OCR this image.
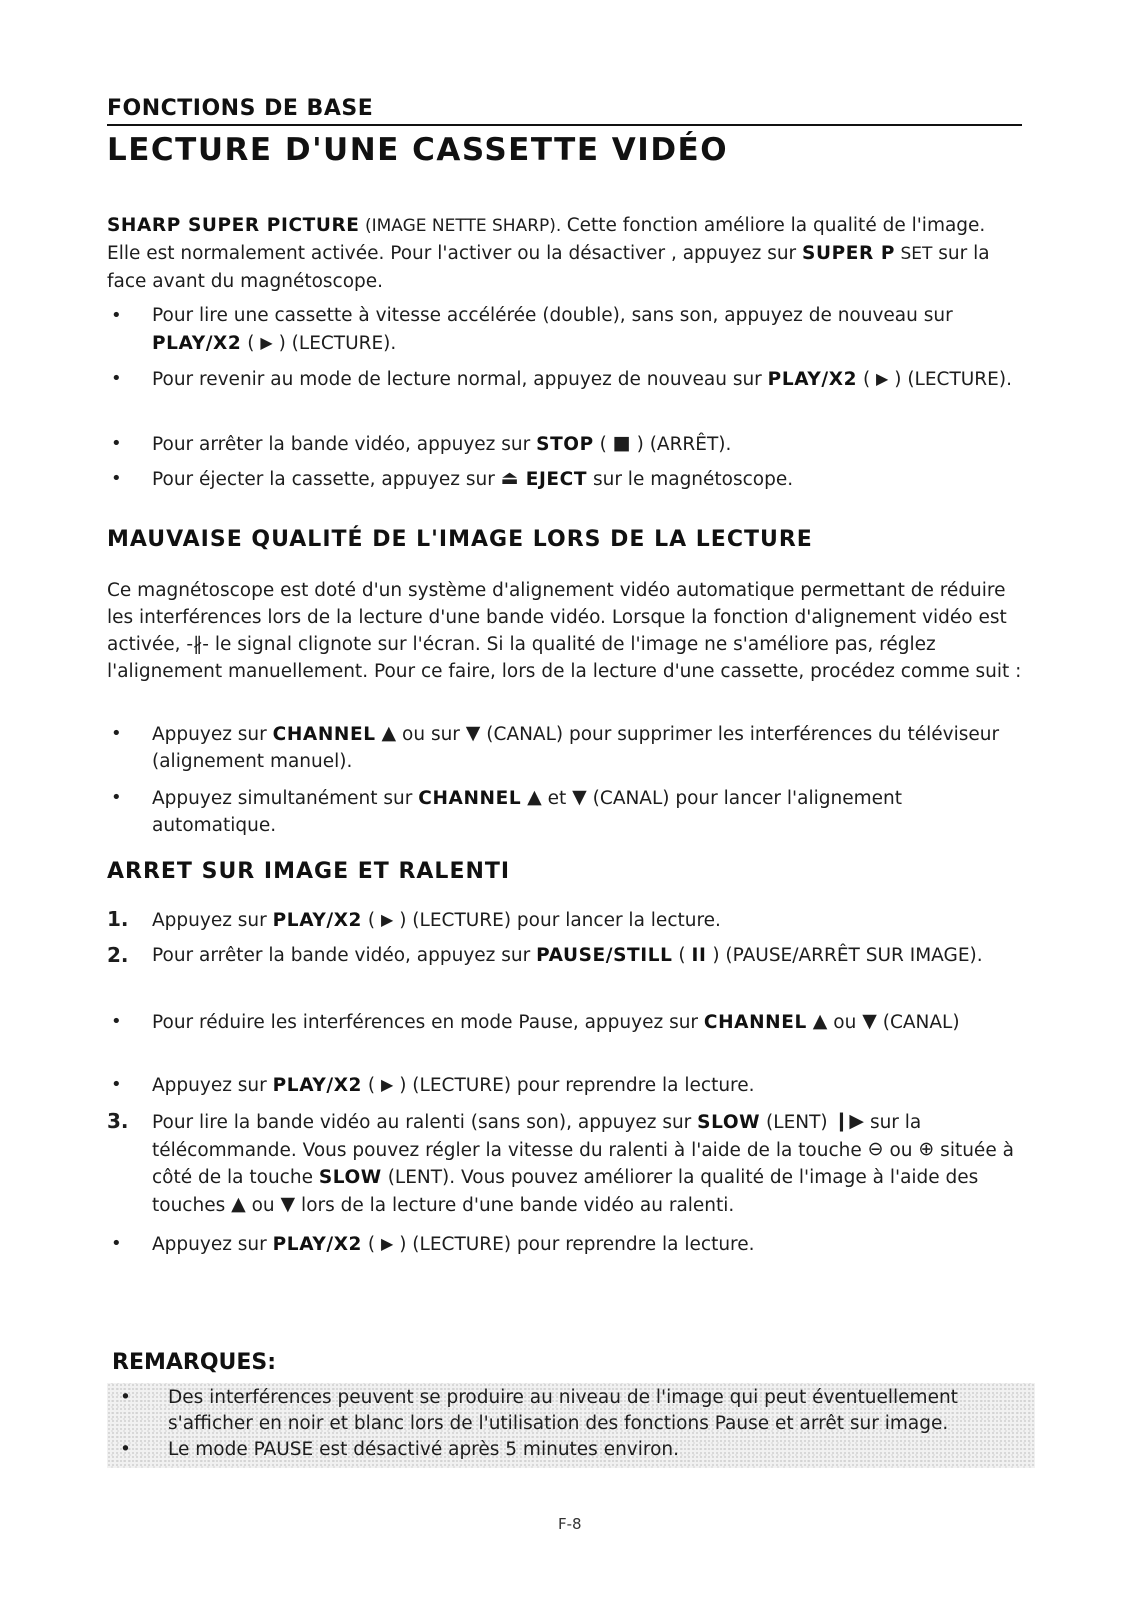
FONCTIONS DE BASE
LECTURE D'UNE CASSETTE VIDÉO
SHARP SUPER PICTURE (IMAGE NETTE SHARP). Cette fonction améliore la qualité de l'image. Elle est normalement activée. Pour l'activer ou la désactiver , appuyez sur SUPER P SET sur la face avant du magnétoscope.
•	Pour lire une cassette à vitesse accélérée (double), sans son, appuyez de nouveau sur PLAY/X2 ( ▶ ) (LECTURE).
•	Pour revenir au mode de lecture normal, appuyez de nouveau sur PLAY/X2 ( ▶ ) (LECTURE).
•	Pour arrêter la bande vidéo, appuyez sur STOP ( ■ ) (ARRÊT).
•	Pour éjecter la cassette, appuyez sur ⏏ EJECT sur le magnétoscope.
MAUVAISE QUALITÉ DE L'IMAGE LORS DE LA LECTURE
Ce magnétoscope est doté d'un système d'alignement vidéo automatique permettant de réduire les interférences lors de la lecture d'une bande vidéo. Lorsque la fonction d'alignement vidéo est activée, -∦- le signal clignote sur l'écran. Si la qualité de l'image ne s'améliore pas, réglez l'alignement manuellement. Pour ce faire, lors de la lecture d'une cassette, procédez comme suit :
•	Appuyez sur CHANNEL ▲ ou sur ▼ (CANAL) pour supprimer les interférences du téléviseur (alignement manuel).
•	Appuyez simultanément sur CHANNEL ▲ et ▼ (CANAL) pour lancer l'alignement automatique.
ARRET SUR IMAGE ET RALENTI
1.	Appuyez sur PLAY/X2 ( ▶ ) (LECTURE) pour lancer la lecture.
2.	Pour arrêter la bande vidéo, appuyez sur PAUSE/STILL ( II ) (PAUSE/ARRÊT SUR IMAGE).
•	Pour réduire les interférences en mode Pause, appuyez sur CHANNEL ▲ ou ▼ (CANAL)
•	Appuyez sur PLAY/X2 ( ▶ ) (LECTURE) pour reprendre la lecture.
3.	Pour lire la bande vidéo au ralenti (sans son), appuyez sur SLOW (LENT) ❙▶ sur la télécommande. Vous pouvez régler la vitesse du ralenti à l'aide de la touche ⊖ ou ⊕ située à côté de la touche SLOW (LENT). Vous pouvez améliorer la qualité de l'image à l'aide des touches ▲ ou ▼ lors de la lecture d'une bande vidéo au ralenti.
•	Appuyez sur PLAY/X2 ( ▶ ) (LECTURE) pour reprendre la lecture.
REMARQUES:
• Des interférences peuvent se produire au niveau de l'image qui peut éventuellement s'afficher en noir et blanc lors de l'utilisation des fonctions Pause et arrêt sur image.
• Le mode PAUSE est désactivé après 5 minutes environ.
F-8
